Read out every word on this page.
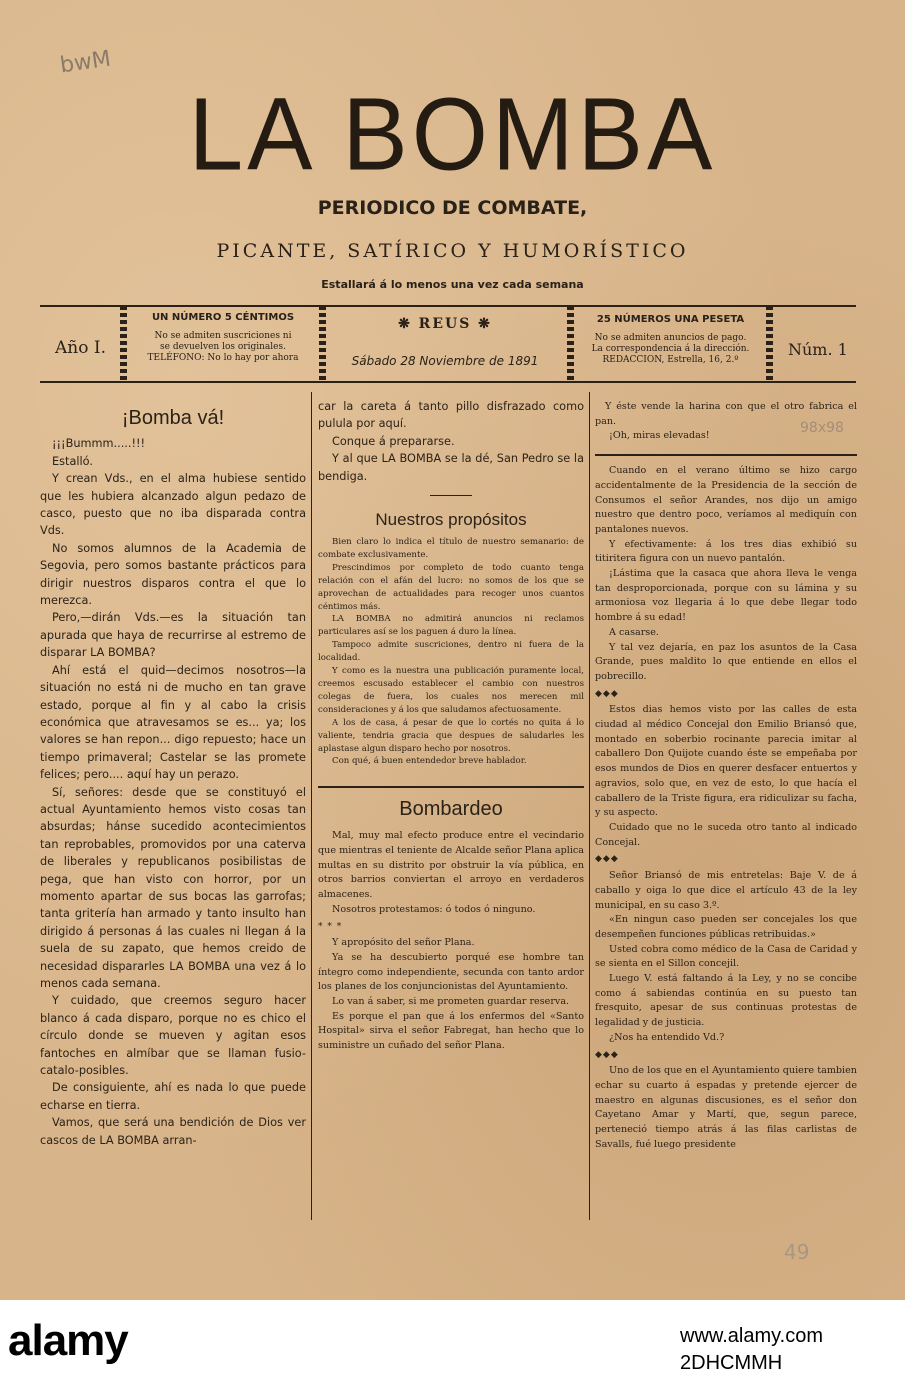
bwM
LA BOMBA
PERIODICO DE COMBATE,
PICANTE, SATÍRICO Y HUMORÍSTICO
Estallará á lo menos una vez cada semana
Año I.
UN NÚMERO 5 CÉNTIMOS
No se admiten suscriciones ni
se devuelven los originales.
TELÉFONO: No lo hay por ahora
❋ REUS ❋
Sábado 28 Noviembre de 1891
25 NÚMEROS UNA PESETA
No se admiten anuncios de pago.
La correspondencia á la dirección.
REDACCION, Estrella, 16, 2.º
Núm. 1
¡Bomba vá!

¡¡¡Bummm.....!!!

Estalló.

Y crean Vds., en el alma hubiese sentido que les hubiera alcanzado algun pedazo de casco, puesto que no iba disparada contra Vds.

No somos alumnos de la Academia de Segovia, pero somos bastante prácticos para dirigir nuestros disparos contra el que lo merezca.

Pero,—dirán Vds.—es la situación tan apurada que haya de recurrirse al estremo de disparar LA BOMBA?

Ahí está el quid—decimos nosotros—la situación no está ni de mucho en tan grave estado, porque al fin y al cabo la crisis económica que atravesamos se es... ya; los valores se han repon... digo repuesto; hace un tiempo primaveral; Castelar se las promete felices; pero.... aquí hay un perazo.

Sí, señores: desde que se constituyó el actual Ayuntamiento hemos visto cosas tan absurdas; hánse sucedido acontecimientos tan reprobables, promovidos por una caterva de liberales y republicanos posibilistas de pega, que han visto con horror, por un momento apartar de sus bocas las garrofas; tanta gritería han armado y tanto insulto han dirigido á personas á las cuales ni llegan á la suela de su zapato, que hemos creido de necesidad dispararles LA BOMBA una vez á lo menos cada semana.

Y cuidado, que creemos seguro hacer blanco á cada disparo, porque no es chico el círculo donde se mueven y agitan esos fantoches en almíbar que se llaman fusio-catalo-posibles.

De consiguiente, ahí es nada lo que puede echarse en tierra.

Vamos, que será una bendición de Dios ver cascos de LA BOMBA arran-

car la careta á tanto pillo disfrazado como pulula por aquí.

Conque á prepararse.

Y al que LA BOMBA se la dé, San Pedro se la bendiga.

Nuestros propósitos

Bien claro lo indica el título de nuestro semanario: de combate exclusivamente.

Prescindimos por completo de todo cuanto tenga relación con el afán del lucro: no somos de los que se aprovechan de actualidades para recoger unos cuantos céntimos más.

LA BOMBA no admitirá anuncios ni reclamos particulares así se los paguen á duro la línea.

Tampoco admite suscriciones, dentro ni fuera de la localidad.

Y como es la nuestra una publicación puramente local, creemos escusado establecer el cambio con nuestros colegas de fuera, los cuales nos merecen mil consideraciones y á los que saludamos afectuosamente.

A los de casa, á pesar de que lo cortés no quita á lo valiente, tendria gracia que despues de saludarles les aplastase algun disparo hecho por nosotros.

Con qué, á buen entendedor breve hablador.

Bombardeo

Mal, muy mal efecto produce entre el vecindario que mientras el teniente de Alcalde señor Plana aplica multas en su distrito por obstruir la vía pública, en otros barrios conviertan el arroyo en verdaderos almacenes.

Nosotros protestamos: ó todos ó ninguno.

* * *

Y apropósito del señor Plana.

Ya se ha descubierto porqué ese hombre tan íntegro como independiente, secunda con tanto ardor los planes de los conjuncionistas del Ayuntamiento.

Lo van á saber, si me prometen guardar reserva.

Es porque el pan que á los enfermos del «Santo Hospital» sirva el señor Fabregat, han hecho que lo suministre un cuñado del señor Plana.

Y éste vende la harina con que el otro fabrica el pan.

¡Oh, miras elevadas!

Cuando en el verano último se hizo cargo accidentalmente de la Presidencia de la sección de Consumos el señor Arandes, nos dijo un amigo nuestro que dentro poco, veríamos al mediquín con pantalones nuevos.

Y efectivamente: á los tres dias exhibió su titiritera figura con un nuevo pantalón.

¡Lástima que la casaca que ahora lleva le venga tan desproporcionada, porque con su lámina y su armoniosa voz llegaria á lo que debe llegar todo hombre á su edad!

A casarse.

Y tal vez dejaría, en paz los asuntos de la Casa Grande, pues maldito lo que entiende en ellos el pobrecillo.

◆◆◆

Estos dias hemos visto por las calles de esta ciudad al médico Concejal don Emilio Briansó que, montado en soberbio rocinante parecia imitar al caballero Don Quijote cuando éste se empeñaba por esos mundos de Dios en querer desfacer entuertos y agravios, solo que, en vez de esto, lo que hacía el caballero de la Triste figura, era ridiculizar su facha, y su aspecto.

Cuidado que no le suceda otro tanto al indicado Concejal.

◆◆◆

Señor Briansó de mis entretelas: Baje V. de á caballo y oiga lo que dice el artículo 43 de la ley municipal, en su caso 3.º.

«En ningun caso pueden ser concejales los que desempeñen funciones públicas retribuidas.»

Usted cobra como médico de la Casa de Caridad y se sienta en el Sillon concejil.

Luego V. está faltando á la Ley, y no se concibe como á sabiendas continúa en su puesto tan fresquito, apesar de sus continuas protestas de legalidad y de justicia.

¿Nos ha entendido Vd.?

◆◆◆

Uno de los que en el Ayuntamiento quiere tambien echar su cuarto á espadas y pretende ejercer de maestro en algunas discusiones, es el señor don Cayetano Amar y Martí, que, segun parece, perteneció tiempo atrás á las filas carlistas de Savalls, fué luego presidente

98x98
49
alamy	www.alamy.com
2DHCMMH
